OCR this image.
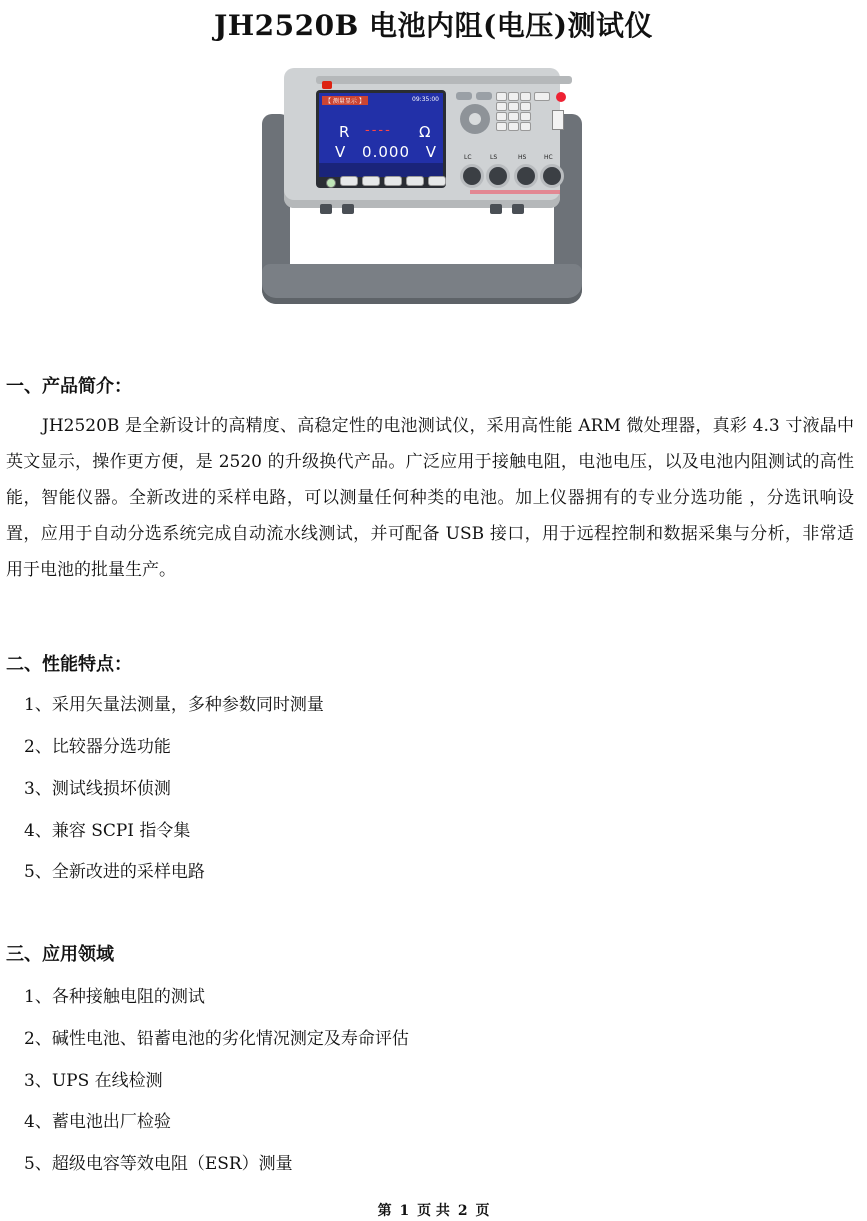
JH2520B 电池内阻(电压)测试仪
【 测量显示 】	09:35:00
R ---- Ω
V 0.000 V	LC	LS	HS	HC
一、产品简介：
JH2520B 是全新设计的高精度、高稳定性的电池测试仪，采用高性能 ARM 微处理器，真彩 4.3 寸液晶中英文显示，操作更方便，是 2520 的升级换代产品。广泛应用于接触电阻，电池电压，以及电池内阻测试的高性能，智能仪器。全新改进的采样电路，可以测量任何种类的电池。加上仪器拥有的专业分选功能 ，分选讯响设置，应用于自动分选系统完成自动流水线测试，并可配备 USB 接口，用于远程控制和数据采集与分析，非常适用于电池的批量生产。
二、性能特点：
1、采用矢量法测量，多种参数同时测量
2、比较器分选功能
3、测试线损坏侦测
4、兼容 SCPI 指令集
5、全新改进的采样电路
三、应用领域
1、各种接触电阻的测试
2、碱性电池、铅蓄电池的劣化情况测定及寿命评估
3、UPS 在线检测
4、蓄电池出厂检验
5、超级电容等效电阻（ESR）测量
第 1 页 共 2 页
